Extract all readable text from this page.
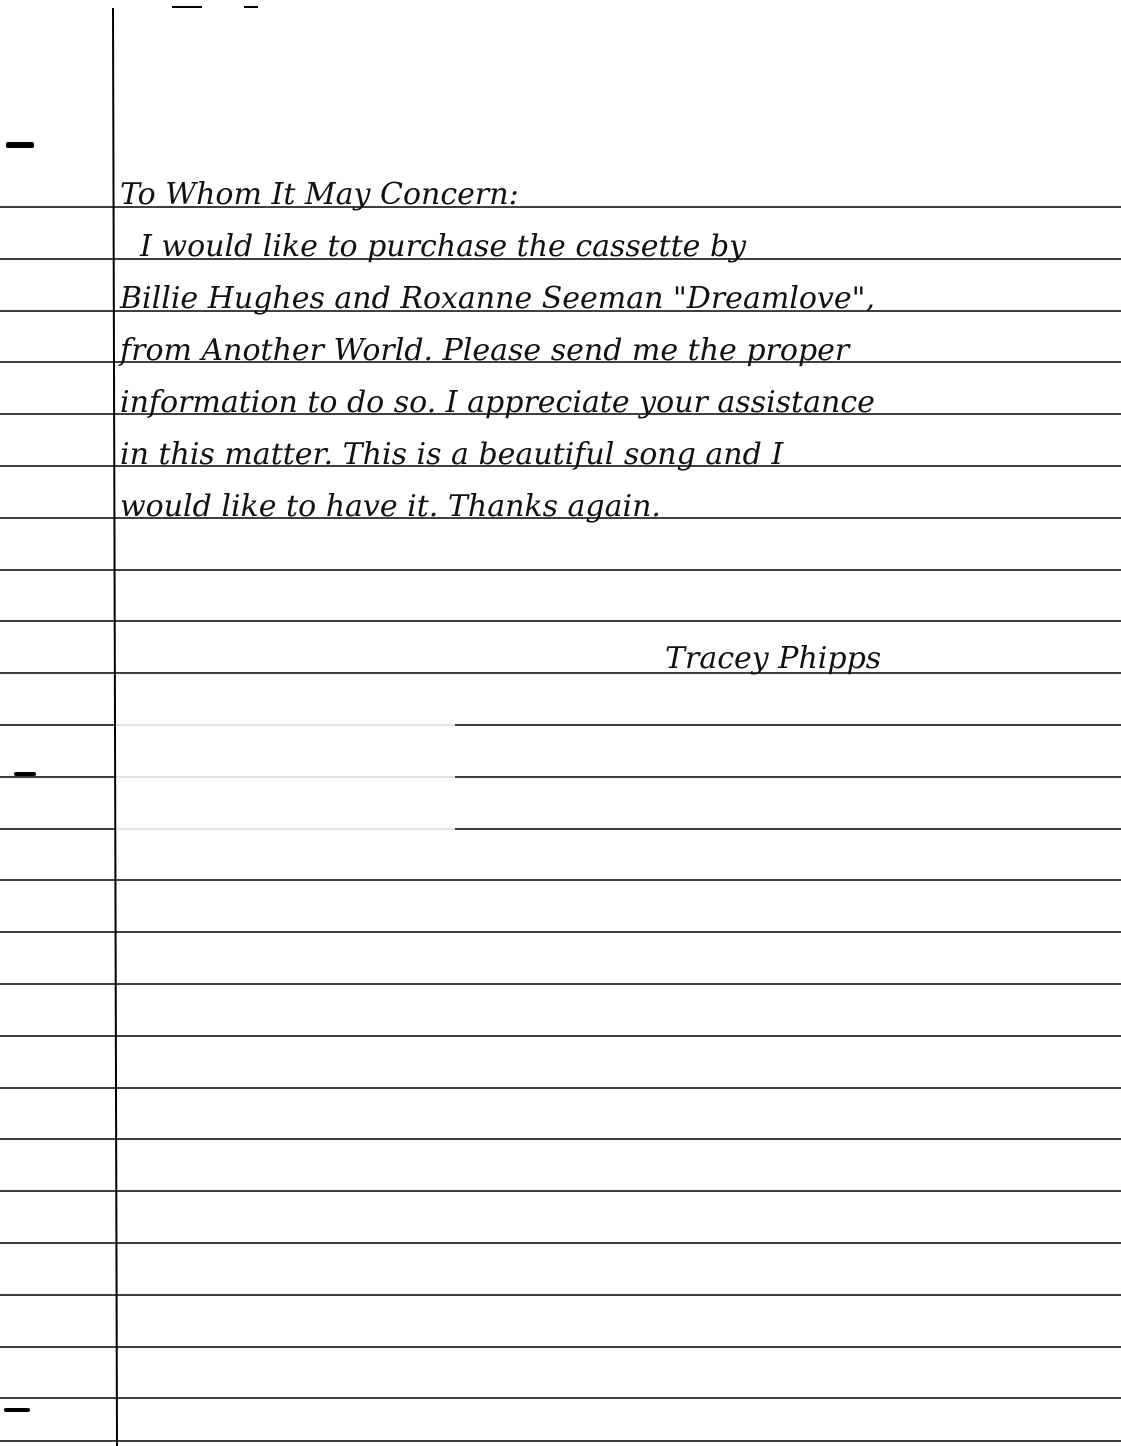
To Whom It May Concern:
I would like to purchase the cassette by
Billie Hughes and Roxanne Seeman "Dreamlove",
from Another World. Please send me the proper
information to do so. I appreciate your assistance
in this matter. This is a beautiful song and I
would like to have it. Thanks again.
Tracey Phipps
